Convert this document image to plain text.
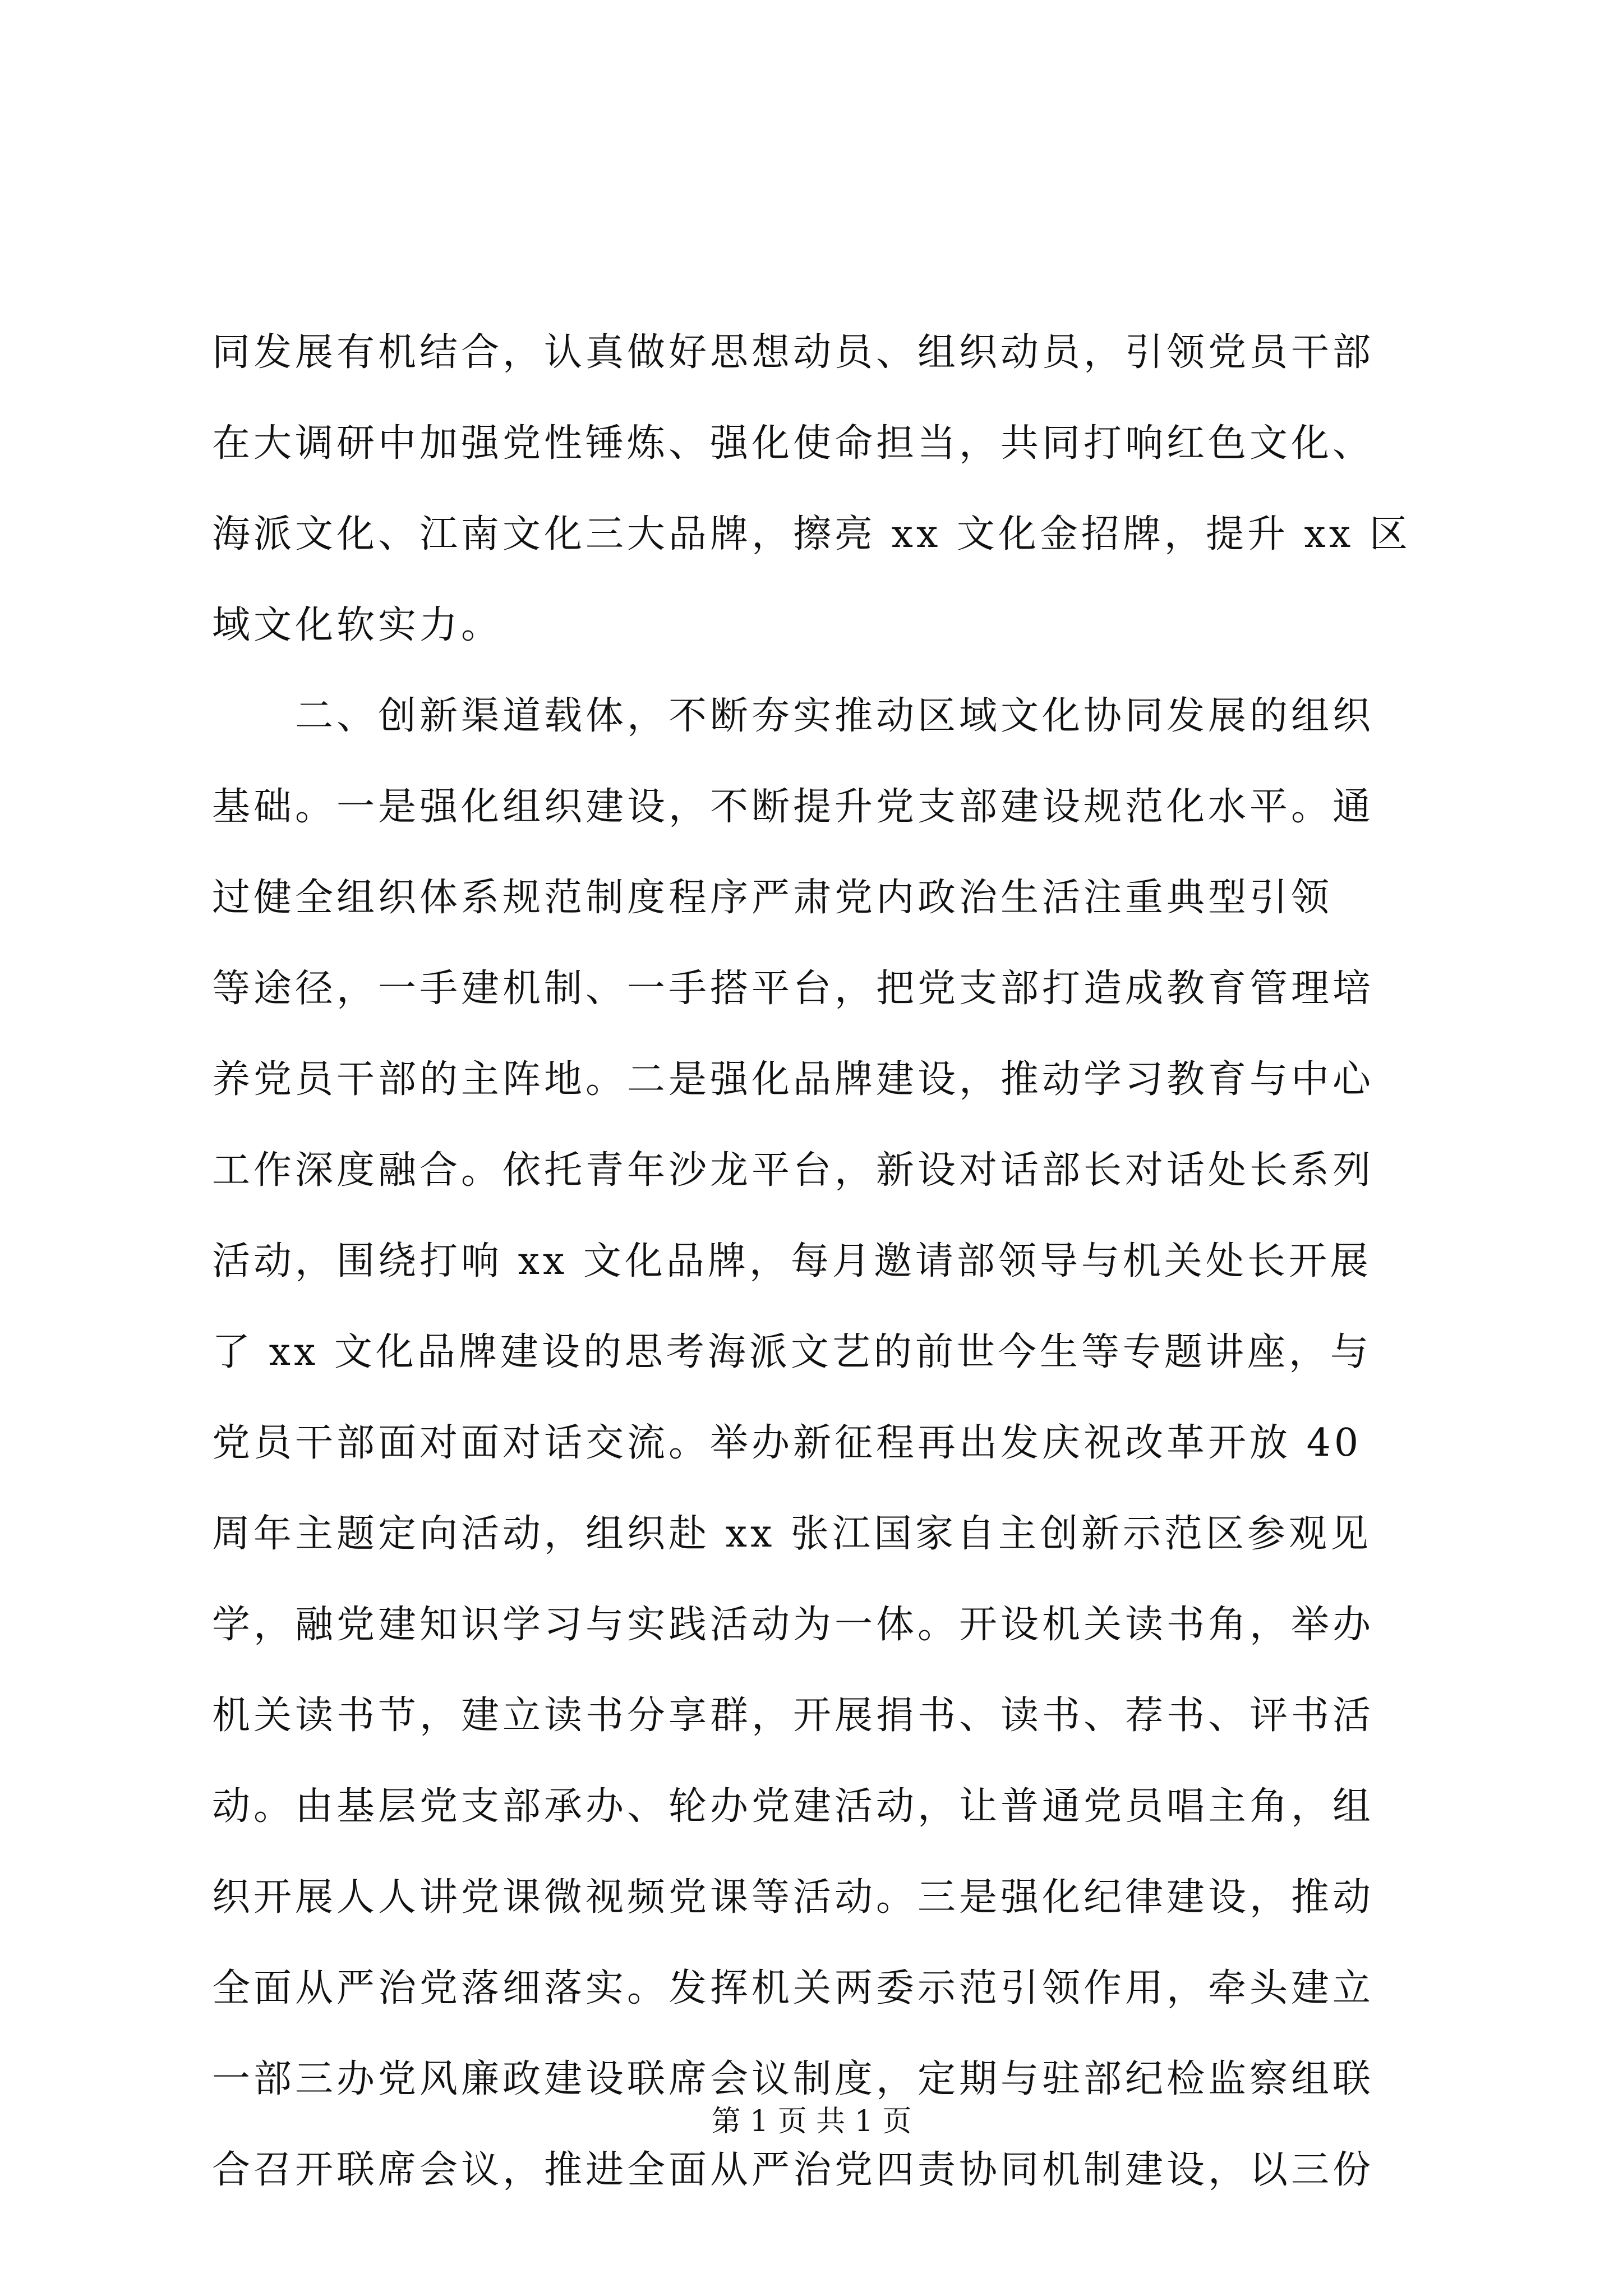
同发展有机结合，认真做好思想动员、组织动员，引领党员干部
在大调研中加强党性锤炼、强化使命担当，共同打响红色文化、
海派文化、江南文化三大品牌，擦亮 xx 文化金招牌，提升 xx 区
域文化软实力。
　　二、创新渠道载体，不断夯实推动区域文化协同发展的组织
基础。一是强化组织建设，不断提升党支部建设规范化水平。通
过健全组织体系规范制度程序严肃党内政治生活注重典型引领
等途径，一手建机制、一手搭平台，把党支部打造成教育管理培
养党员干部的主阵地。二是强化品牌建设，推动学习教育与中心
工作深度融合。依托青年沙龙平台，新设对话部长对话处长系列
活动，围绕打响 xx 文化品牌，每月邀请部领导与机关处长开展
了 xx 文化品牌建设的思考海派文艺的前世今生等专题讲座，与
党员干部面对面对话交流。举办新征程再出发庆祝改革开放 40
周年主题定向活动，组织赴 xx 张江国家自主创新示范区参观见
学，融党建知识学习与实践活动为一体。开设机关读书角，举办
机关读书节，建立读书分享群，开展捐书、读书、荐书、评书活
动。由基层党支部承办、轮办党建活动，让普通党员唱主角，组
织开展人人讲党课微视频党课等活动。三是强化纪律建设，推动
全面从严治党落细落实。发挥机关两委示范引领作用，牵头建立
一部三办党风廉政建设联席会议制度，定期与驻部纪检监察组联
合召开联席会议，推进全面从严治党四责协同机制建设，以三份
第 1 页 共 1 页
